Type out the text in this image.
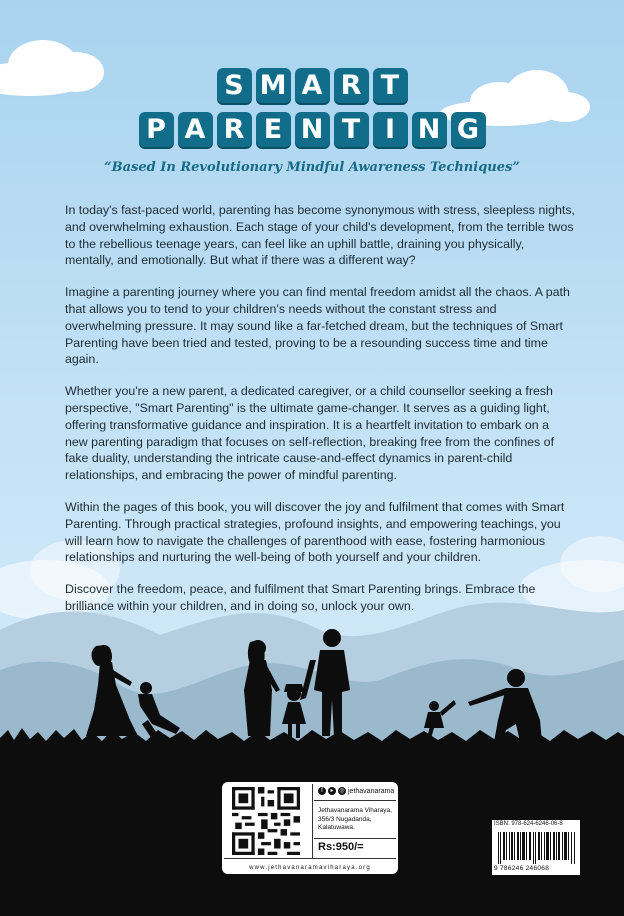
S M A R T
P A R E N T I N G
“Based In Revolutionary Mindful Awareness Techniques”

In today's fast-paced world, parenting has become synonymous with stress, sleepless nights, and overwhelming exhaustion. Each stage of your child's development, from the terrible twos to the rebellious teenage years, can feel like an uphill battle, draining you physically, mentally, and emotionally. But what if there was a different way?

Imagine a parenting journey where you can find mental freedom amidst all the chaos. A path that allows you to tend to your children's needs without the constant stress and overwhelming pressure. It may sound like a far-fetched dream, but the techniques of Smart Parenting have been tried and tested, proving to be a resounding success time and time again.

Whether you're a new parent, a dedicated caregiver, or a child counsellor seeking a fresh perspective, "Smart Parenting" is the ultimate game-changer. It serves as a guiding light, offering transformative guidance and inspiration. It is a heartfelt invitation to embark on a new parenting paradigm that focuses on self-reflection, breaking free from the confines of fake duality, understanding the intricate cause-and-effect dynamics in parent-child relationships, and embracing the power of mindful parenting.

Within the pages of this book, you will discover the joy and fulfilment that comes with Smart Parenting. Through practical strategies, profound insights, and empowering teachings, you will learn how to navigate the challenges of parenthood with ease, fostering harmonious relationships and nurturing the well-being of both yourself and your children.

Discover the freedom, peace, and fulfilment that Smart Parenting brings. Embrace the brilliance within your children, and in doing so, unlock your own.

f	▸ ◎ jethavanarama
Jethavanarama Viharaya,
356/3 Nugadanda,
Kalatuwawa.
Rs:950/=
www.jethavanaramaviharaya.org
ISBN: 978-624-6246-06-8
9 786246 246068
